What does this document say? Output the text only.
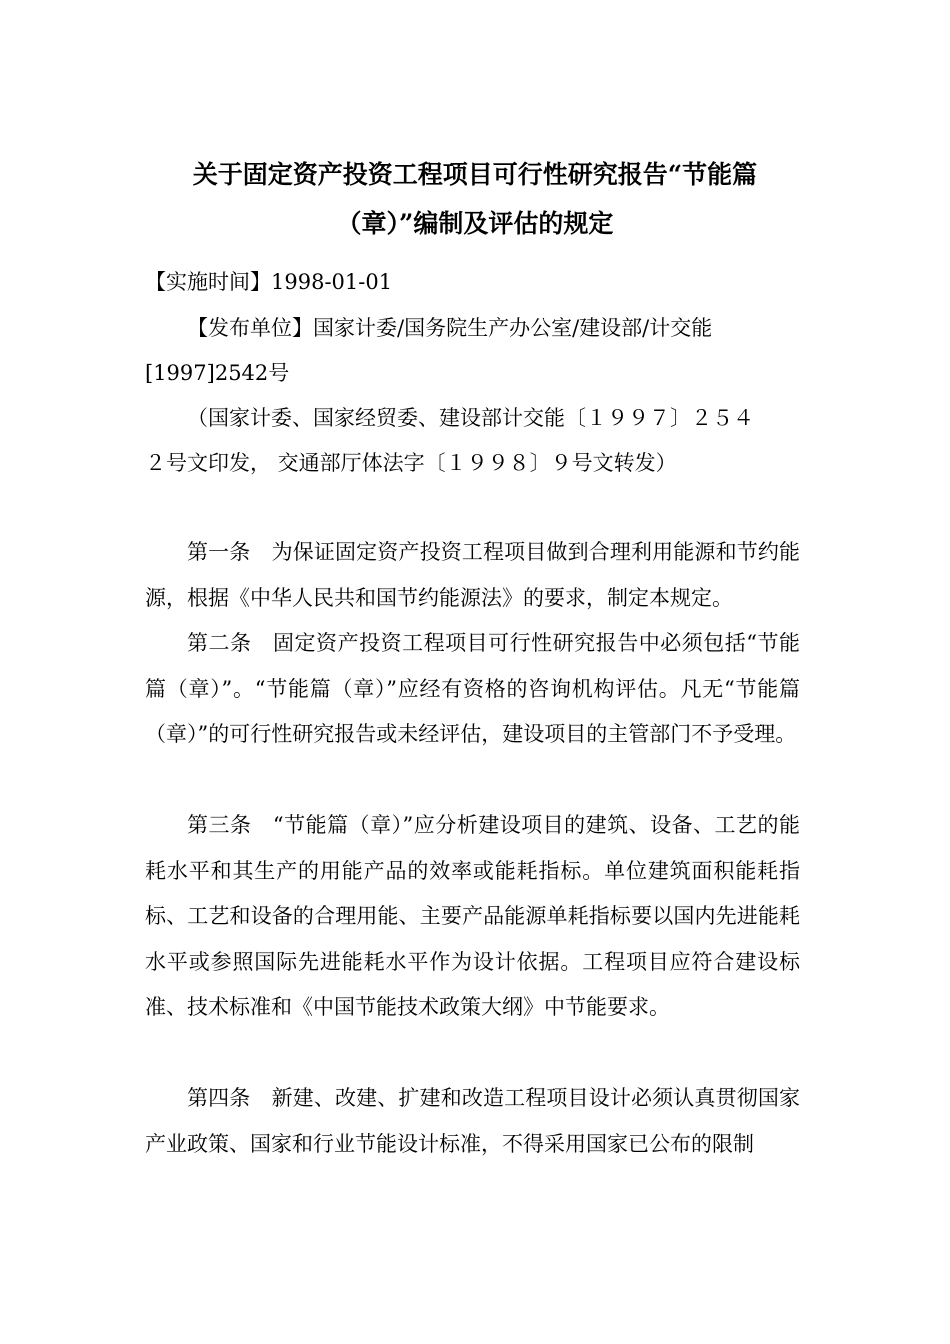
关于固定资产投资工程项目可行性研究报告“节能篇
（章）”编制及评估的规定
【实施时间】1998-01-01
【发布单位】国家计委/国务院生产办公室/建设部/计交能
[1997]2542号
（国家计委、国家经贸委、建设部计交能〔１９９７〕２５４
２号文印发， 交通部厅体法字〔１９９８〕９号文转发）

第一条　为保证固定资产投资工程项目做到合理利用能源和节约能源，根据《中华人民共和国节约能源法》的要求，制定本规定。

第二条　固定资产投资工程项目可行性研究报告中必须包括“节能篇（章）”。“节能篇（章）”应经有资格的咨询机构评估。凡无“节能篇（章）”的可行性研究报告或未经评估，建设项目的主管部门不予受理。

第三条　“节能篇（章）”应分析建设项目的建筑、设备、工艺的能耗水平和其生产的用能产品的效率或能耗指标。单位建筑面积能耗指标、工艺和设备的合理用能、主要产品能源单耗指标要以国内先进能耗水平或参照国际先进能耗水平作为设计依据。工程项目应符合建设标准、技术标准和《中国节能技术政策大纲》中节能要求。

第四条　新建、改建、扩建和改造工程项目设计必须认真贯彻国家产业政策、国家和行业节能设计标准，不得采用国家已公布的限制
